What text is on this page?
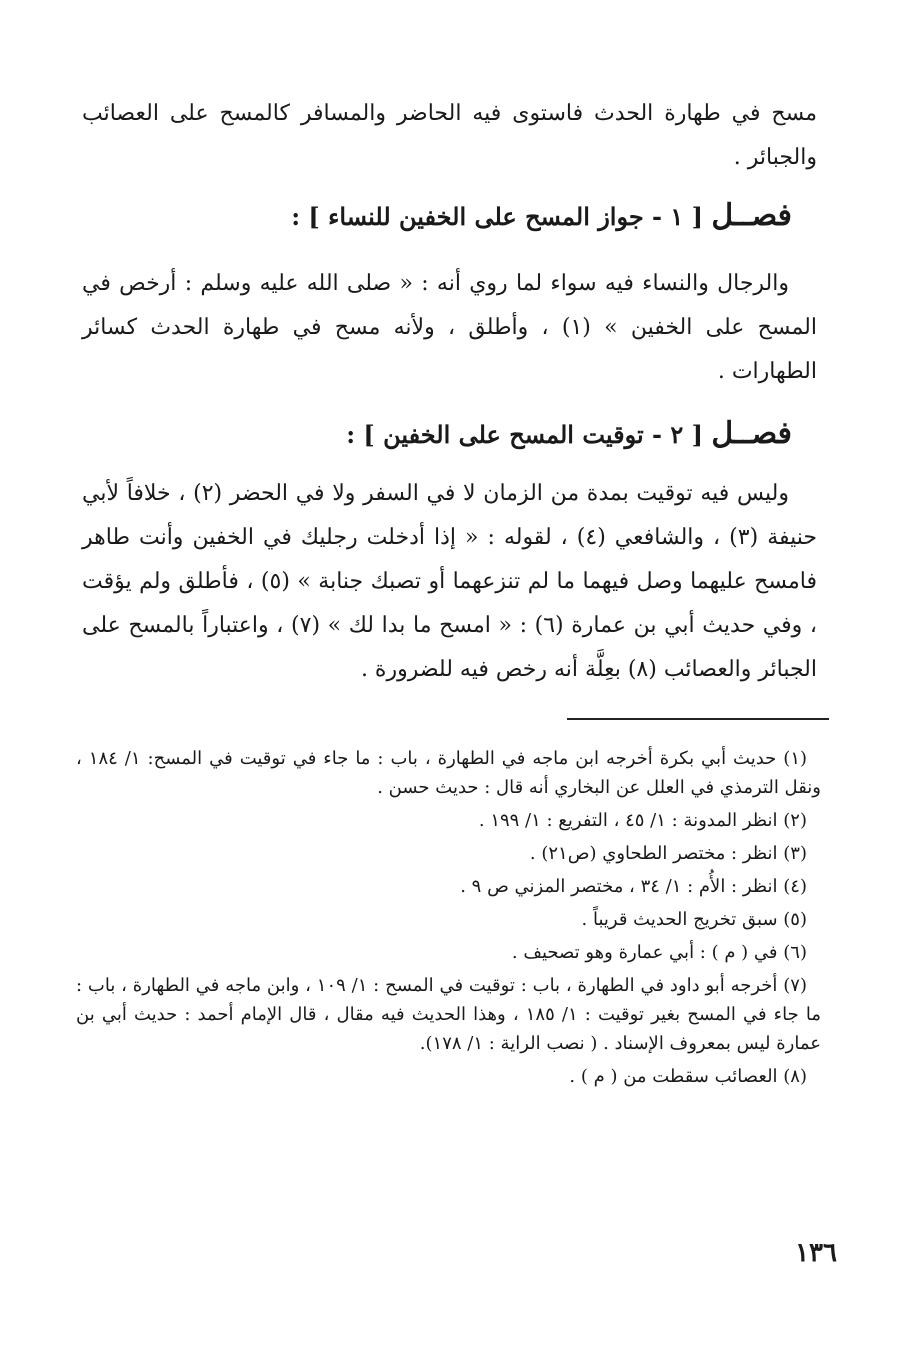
مسح في طهارة الحدث فاستوى فيه الحاضر والمسافر كالمسح على العصائب والجبائر .

فصــل [ ١ - جواز المسح على الخفين للنساء ] :

والرجال والنساء فيه سواء لما روي أنه : « صلى الله عليه وسلم : أرخص في المسح على الخفين » (١) ، وأطلق ، ولأنه مسح في طهارة الحدث كسائر الطهارات .

فصــل [ ٢ - توقيت المسح على الخفين ] :

وليس فيه توقيت بمدة من الزمان لا في السفر ولا في الحضر (٢) ، خلافاً لأبي حنيفة (٣) ، والشافعي (٤) ، لقوله : « إذا أدخلت رجليك في الخفين وأنت طاهر فامسح عليهما وصل فيهما ما لم تنزعهما أو تصبك جنابة » (٥) ، فأطلق ولم يؤقت ، وفي حديث أبي بن عمارة (٦) : « امسح ما بدا لك » (٧) ، واعتباراً بالمسح على الجبائر والعصائب (٨) بعِلَّة أنه رخص فيه للضرورة .

(١) حديث أبي بكرة أخرجه ابن ماجه في الطهارة ، باب : ما جاء في توقيت في المسح: ١/ ١٨٤ ، ونقل الترمذي في العلل عن البخاري أنه قال : حديث حسن .

(٢) انظر المدونة : ١/ ٤٥ ، التفريع : ١/ ١٩٩ .

(٣) انظر : مختصر الطحاوي (ص٢١) .

(٤) انظر : الأُم : ١/ ٣٤ ، مختصر المزني ص ٩ .

(٥) سبق تخريج الحديث قريباً .

(٦) في ( م ) : أبي عمارة وهو تصحيف .

(٧) أخرجه أبو داود في الطهارة ، باب : توقيت في المسح : ١/ ١٠٩ ، وابن ماجه في الطهارة ، باب : ما جاء في المسح بغير توقيت : ١/ ١٨٥ ، وهذا الحديث فيه مقال ، قال الإمام أحمد : حديث أبي بن عمارة ليس بمعروف الإسناد . ( نصب الراية : ١/ ١٧٨).

(٨) العصائب سقطت من ( م ) .

١٣٦
